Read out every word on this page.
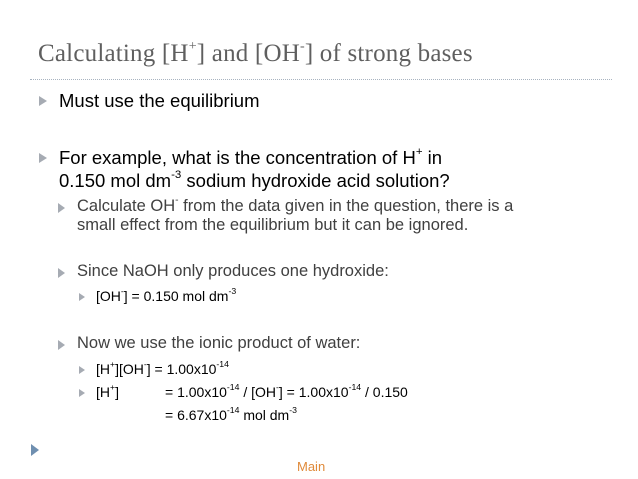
Calculating [H+] and [OH-] of strong bases
Must use the equilibrium
For example, what is the concentration of H+ in
0.150 mol $dm^{-3}$ sodium hydroxide acid solution?
Calculate OH- from the data given in the question, there is a
small effect from the equilibrium but it can be ignored.
Since NaOH only produces one hydroxide:
[OH-] = 0.150 mol $dm^{-3}$
Now we use the ionic product of water:
$[H^+][OH^-] = 1.00x10^{-14}$
[H+]	= $1.00x10^{-14} / [OH^-] = 1.00x10^{-14} / 0.150$
= $6.67x10^{-14}$ mol $dm^{-3}$
Main
